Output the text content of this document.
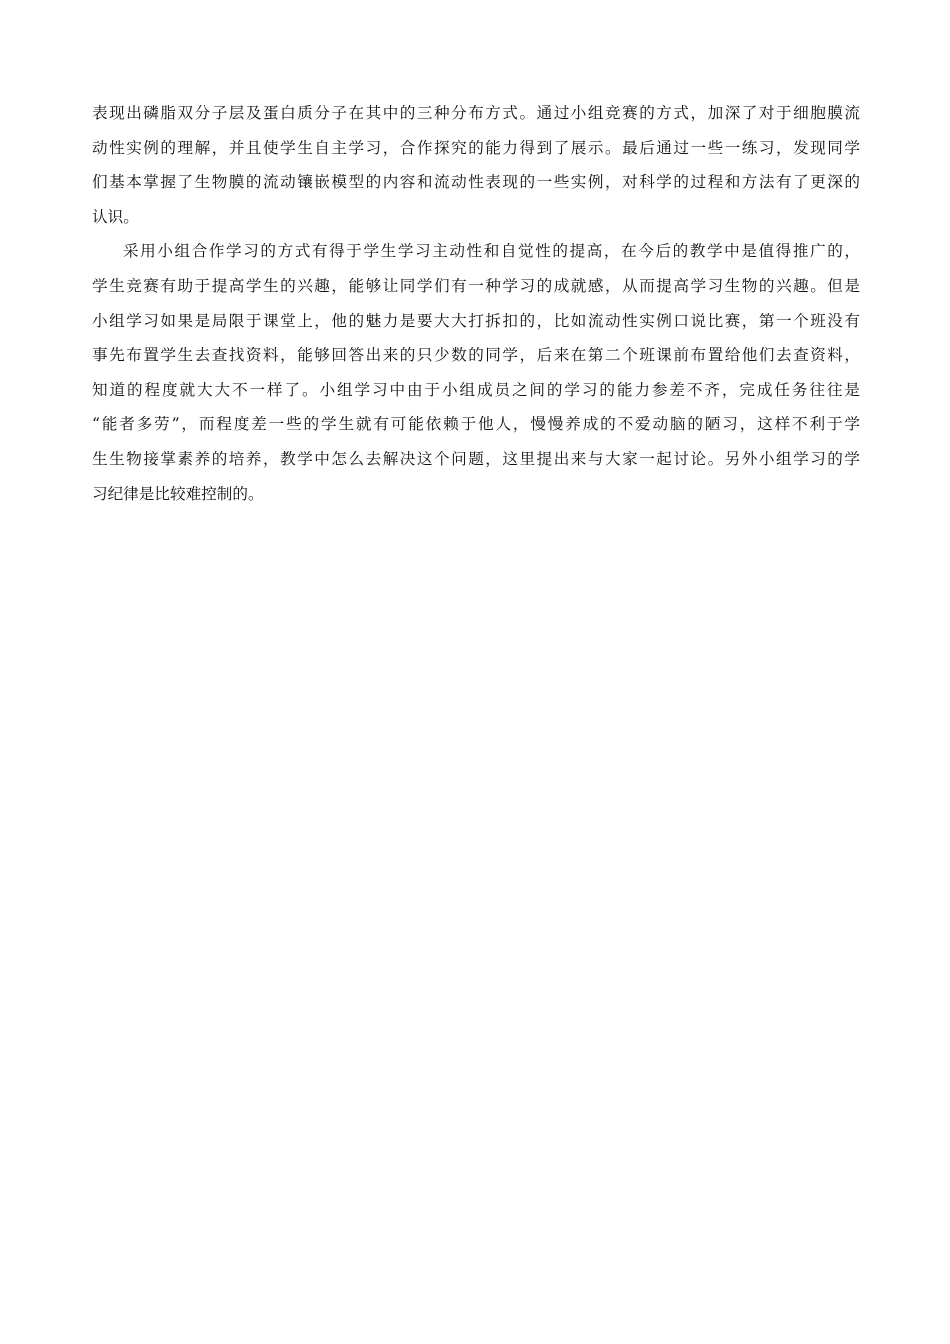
表现出磷脂双分子层及蛋白质分子在其中的三种分布方式。通过小组竞赛的方式，加深了对于细胞膜流
动性实例的理解，并且使学生自主学习，合作探究的能力得到了展示。最后通过一些一练习，发现同学
们基本掌握了生物膜的流动镶嵌模型的内容和流动性表现的一些实例，对科学的过程和方法有了更深的
认识。

采用小组合作学习的方式有得于学生学习主动性和自觉性的提高，在今后的教学中是值得推广的，

学生竞赛有助于提高学生的兴趣，能够让同学们有一种学习的成就感，从而提高学习生物的兴趣。但是
小组学习如果是局限于课堂上，他的魅力是要大大打拆扣的，比如流动性实例口说比赛，第一个班没有
事先布置学生去查找资料，能够回答出来的只少数的同学，后来在第二个班课前布置给他们去查资料，
知道的程度就大大不一样了。小组学习中由于小组成员之间的学习的能力参差不齐，完成任务往往是
“能者多劳”，而程度差一些的学生就有可能依赖于他人，慢慢养成的不爱动脑的陋习，这样不利于学
生生物接掌素养的培养，教学中怎么去解决这个问题，这里提出来与大家一起讨论。另外小组学习的学
习纪律是比较难控制的。
